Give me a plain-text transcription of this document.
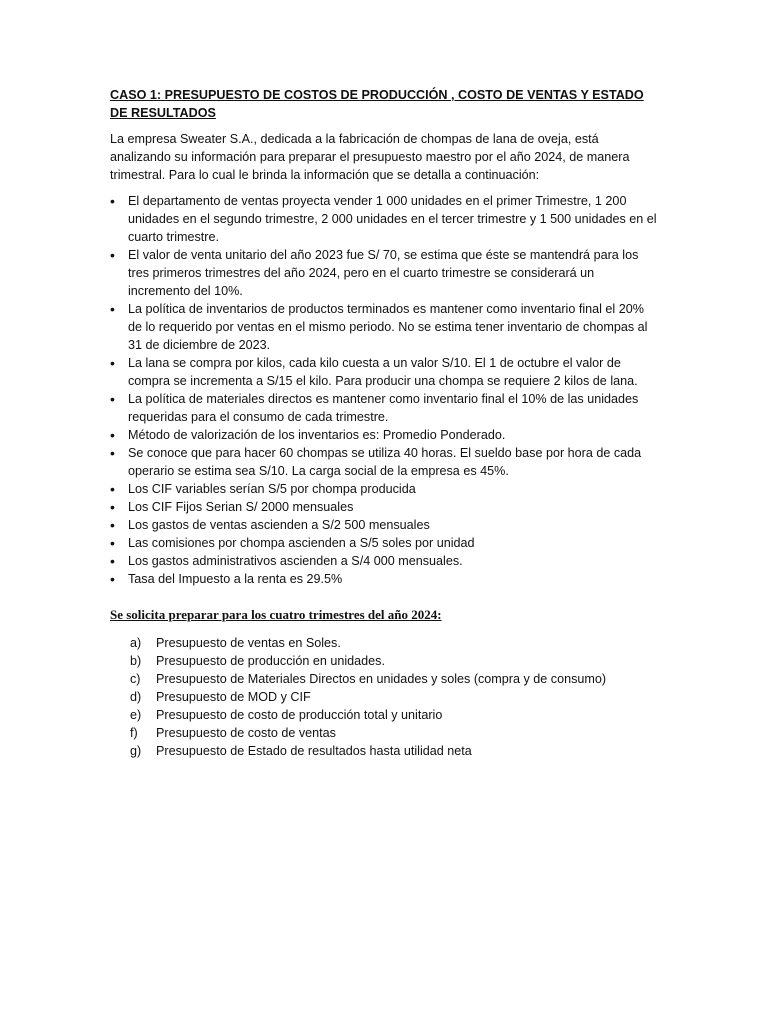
CASO 1: PRESUPUESTO DE COSTOS DE PRODUCCIÓN , COSTO DE VENTAS Y ESTADO DE RESULTADOS
La empresa Sweater S.A., dedicada a la fabricación de chompas de lana de oveja, está analizando su información para preparar el presupuesto maestro por el año 2024, de manera trimestral. Para lo cual le brinda la información que se detalla a continuación:
• El departamento de ventas proyecta vender 1 000 unidades en el primer Trimestre, 1 200 unidades en el segundo trimestre, 2 000 unidades en el tercer trimestre y 1 500 unidades en el cuarto trimestre.
• El valor de venta unitario del año 2023 fue S/ 70, se estima que éste se mantendrá para los tres primeros trimestres del año 2024, pero en el cuarto trimestre se considerará un incremento del 10%.
• La política de inventarios de productos terminados es mantener como inventario final el 20% de lo requerido por ventas en el mismo periodo. No se estima tener inventario de chompas al 31 de diciembre de 2023.
• La lana se compra por kilos, cada kilo cuesta a un valor S/10. El 1 de octubre el valor de compra se incrementa a S/15 el kilo. Para producir una chompa se requiere 2 kilos de lana.
• La política de materiales directos es mantener como inventario final el 10% de las unidades requeridas para el consumo de cada trimestre.
• Método de valorización de los inventarios es: Promedio Ponderado.
• Se conoce que para hacer 60 chompas se utiliza 40 horas. El sueldo base por hora de cada operario se estima sea S/10. La carga social de la empresa es 45%.
• Los CIF variables serían S/5 por chompa producida
• Los CIF Fijos Serian S/ 2000 mensuales
• Los gastos de ventas ascienden a S/2 500 mensuales
• Las comisiones por chompa ascienden a S/5 soles por unidad
• Los gastos administrativos ascienden a S/4 000 mensuales.
• Tasa del Impuesto a la renta es 29.5%
Se solicita preparar para los cuatro trimestres del año 2024:
a) Presupuesto de ventas en Soles.
b) Presupuesto de producción en unidades.
c) Presupuesto de Materiales Directos en unidades y soles (compra y de consumo)
d) Presupuesto de MOD y CIF
e) Presupuesto de costo de producción total y unitario
f) Presupuesto de costo de ventas
g) Presupuesto de Estado de resultados hasta utilidad neta
